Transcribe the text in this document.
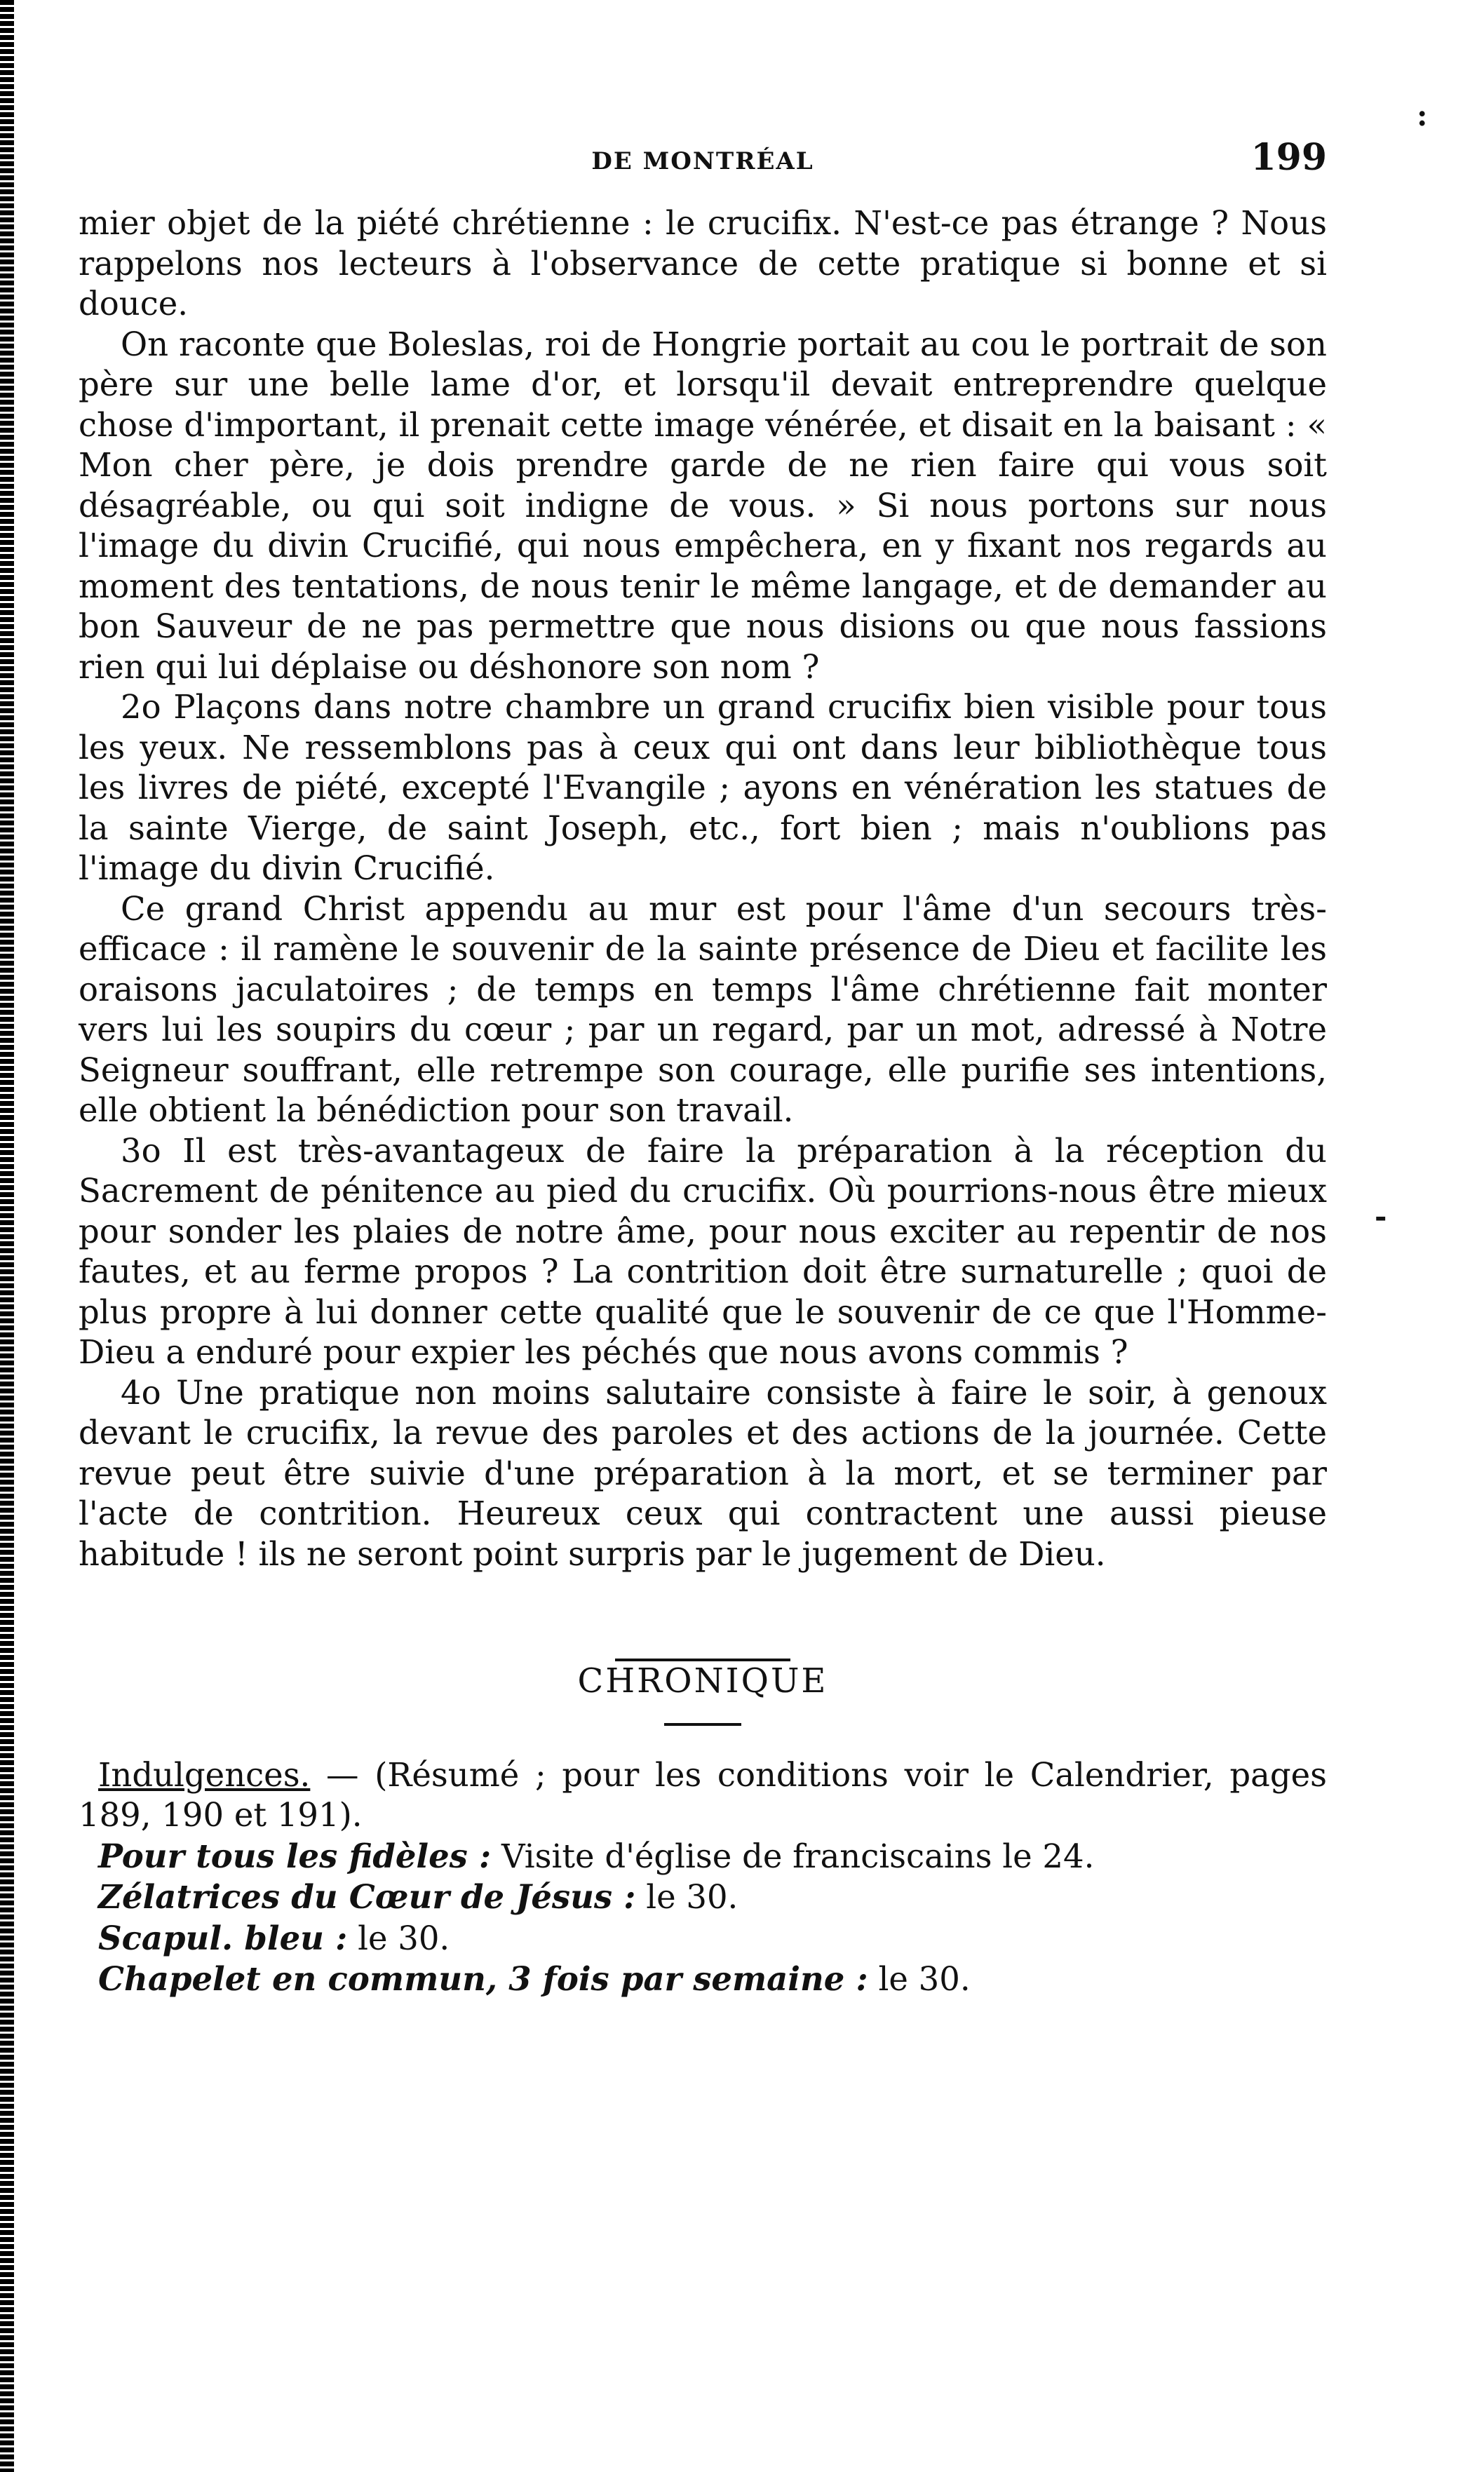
:
-
DE MONTRÉAL	199

mier objet de la piété chrétienne : le crucifix. N'est-ce pas étrange ? Nous rappelons nos lecteurs à l'observance de cette pratique si bonne et si douce.

On raconte que Boleslas, roi de Hongrie portait au cou le portrait de son père sur une belle lame d'or, et lorsqu'il devait entreprendre quelque chose d'important, il prenait cette image vénérée, et disait en la baisant : « Mon cher père, je dois prendre garde de ne rien faire qui vous soit désagréable, ou qui soit indigne de vous. » Si nous portons sur nous l'image du divin Crucifié, qui nous empêchera, en y fixant nos regards au moment des tentations, de nous tenir le même langage, et de demander au bon Sauveur de ne pas permettre que nous disions ou que nous fassions rien qui lui déplaise ou déshonore son nom ?

2o Plaçons dans notre chambre un grand crucifix bien visible pour tous les yeux. Ne ressemblons pas à ceux qui ont dans leur bibliothèque tous les livres de piété, excepté l'Evangile ; ayons en vénération les statues de la sainte Vierge, de saint Joseph, etc., fort bien ; mais n'oublions pas l'image du divin Crucifié.

Ce grand Christ appendu au mur est pour l'âme d'un secours très-efficace : il ramène le souvenir de la sainte présence de Dieu et facilite les oraisons jaculatoires ; de temps en temps l'âme chrétienne fait monter vers lui les soupirs du cœur ; par un regard, par un mot, adressé à Notre Seigneur souffrant, elle retrempe son courage, elle purifie ses intentions, elle obtient la bénédiction pour son travail.

3o Il est très-avantageux de faire la préparation à la réception du Sacrement de pénitence au pied du crucifix. Où pourrions-nous être mieux pour sonder les plaies de notre âme, pour nous exciter au repentir de nos fautes, et au ferme propos ? La contrition doit être surnaturelle ; quoi de plus propre à lui donner cette qualité que le souvenir de ce que l'Homme-Dieu a enduré pour expier les péchés que nous avons commis ?

4o Une pratique non moins salutaire consiste à faire le soir, à genoux devant le crucifix, la revue des paroles et des actions de la journée. Cette revue peut être suivie d'une préparation à la mort, et se terminer par l'acte de contrition. Heureux ceux qui contractent une aussi pieuse habitude ! ils ne seront point surpris par le jugement de Dieu.

CHRONIQUE

Indulgences. — (Résumé ; pour les conditions voir le Calendrier, pages 189, 190 et 191).

Pour tous les fidèles : Visite d'église de franciscains le 24.

Zélatrices du Cœur de Jésus : le 30.

Scapul. bleu : le 30.

Chapelet en commun, 3 fois par semaine : le 30.
